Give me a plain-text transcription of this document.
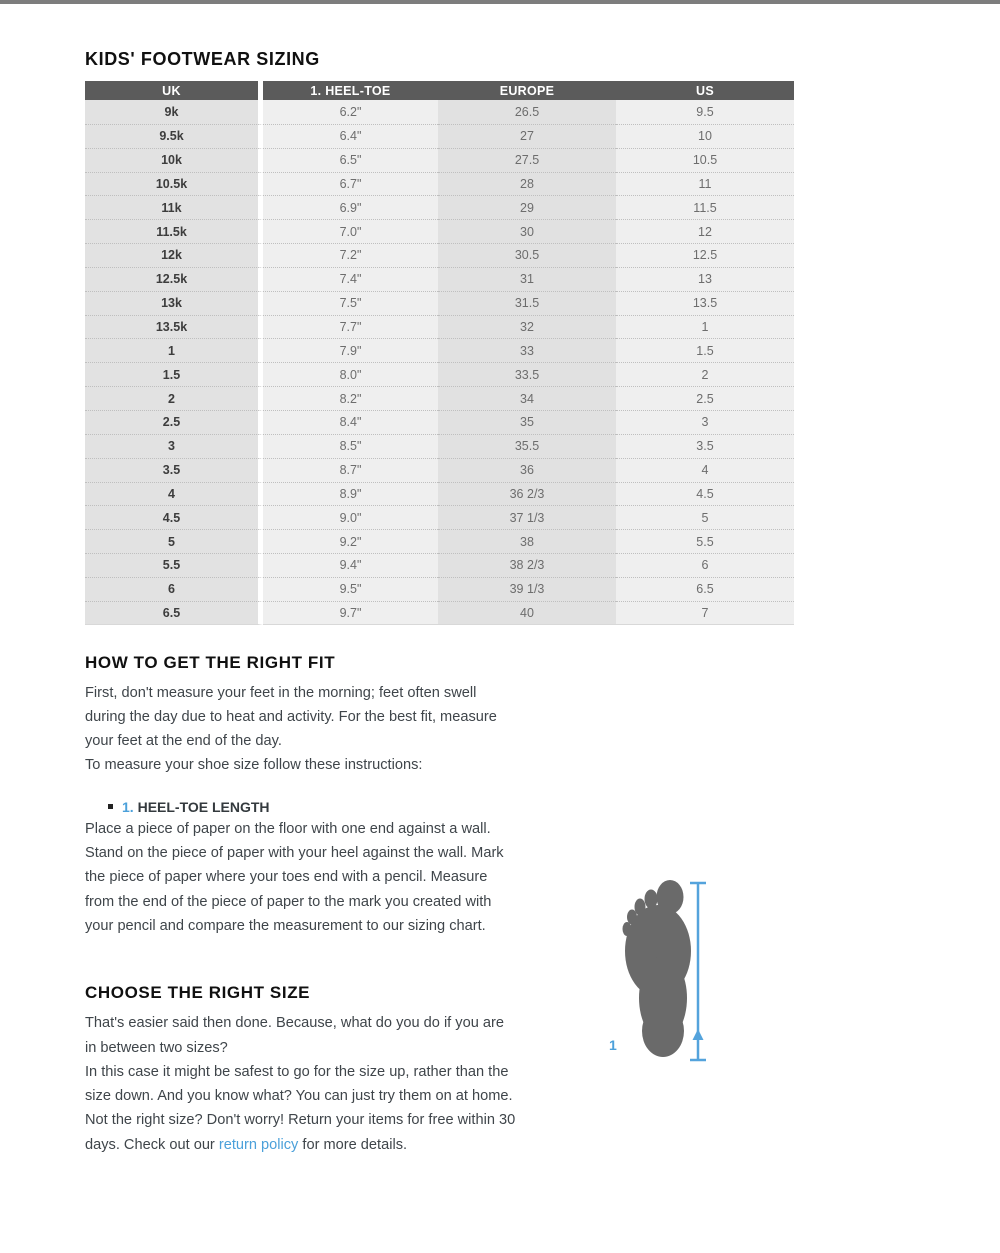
KIDS' FOOTWEAR SIZING
UK	1. HEEL-TOE	EUROPE	US
9k	6.2"	26.5	9.5
9.5k	6.4"	27	10
10k	6.5"	27.5	10.5
10.5k	6.7"	28	11
11k	6.9"	29	11.5
11.5k	7.0"	30	12
12k	7.2"	30.5	12.5
12.5k	7.4"	31	13
13k	7.5"	31.5	13.5
13.5k	7.7"	32	1
1	7.9"	33	1.5
1.5	8.0"	33.5	2
2	8.2"	34	2.5
2.5	8.4"	35	3
3	8.5"	35.5	3.5
3.5	8.7"	36	4
4	8.9"	36 2/3	4.5
4.5	9.0"	37 1/3	5
5	9.2"	38	5.5
5.5	9.4"	38 2/3	6
6	9.5"	39 1/3	6.5
6.5	9.7"	40	7
HOW TO GET THE RIGHT FIT

First, don't measure your feet in the morning; feet often swell during the day due to heat and activity. For the best fit, measure your feet at the end of the day.

To measure your shoe size follow these instructions:

1. HEEL-TOE LENGTH

Place a piece of paper on the floor with one end against a wall. Stand on the piece of paper with your heel against the wall. Mark the piece of paper where your toes end with a pencil. Measure from the end of the piece of paper to the mark you created with your pencil and compare the measurement to our sizing chart.

CHOOSE THE RIGHT SIZE

That's easier said then done. Because, what do you do if you are in between two sizes?

In this case it might be safest to go for the size up, rather than the size down. And you know what? You can just try them on at home.

Not the right size? Don't worry! Return your items for free within 30 days. Check out our return policy for more details.

1
